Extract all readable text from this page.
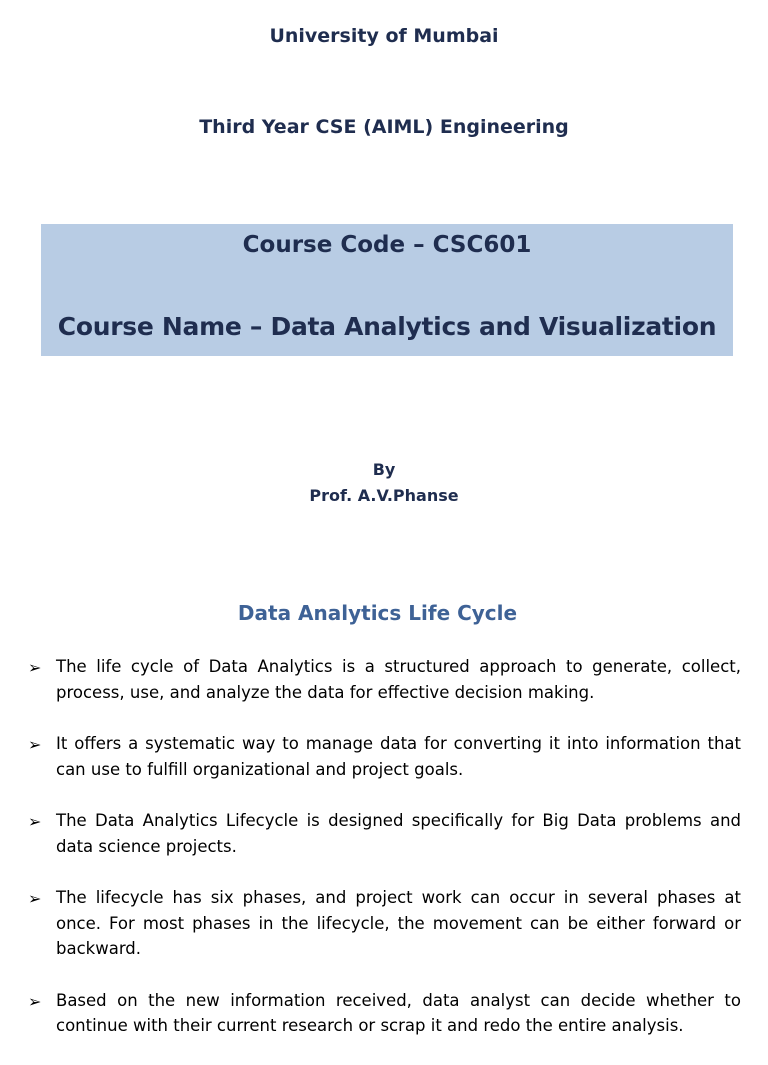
University of Mumbai
Third Year CSE (AIML) Engineering
Course Code – CSC601
Course Name – Data Analytics and Visualization
By
Prof. A.V.Phanse
Data Analytics Life Cycle
➢ The life cycle of Data Analytics is a structured approach to generate, collect, process, use, and analyze the data for effective decision making.
➢ It offers a systematic way to manage data for converting it into information that can use to fulfill organizational and project goals.
➢ The Data Analytics Lifecycle is designed specifically for Big Data problems and data science projects.
➢ The lifecycle has six phases, and project work can occur in several phases at once. For most phases in the lifecycle, the movement can be either forward or backward.
➢ Based on the new information received, data analyst can decide whether to continue with their current research or scrap it and redo the entire analysis.
